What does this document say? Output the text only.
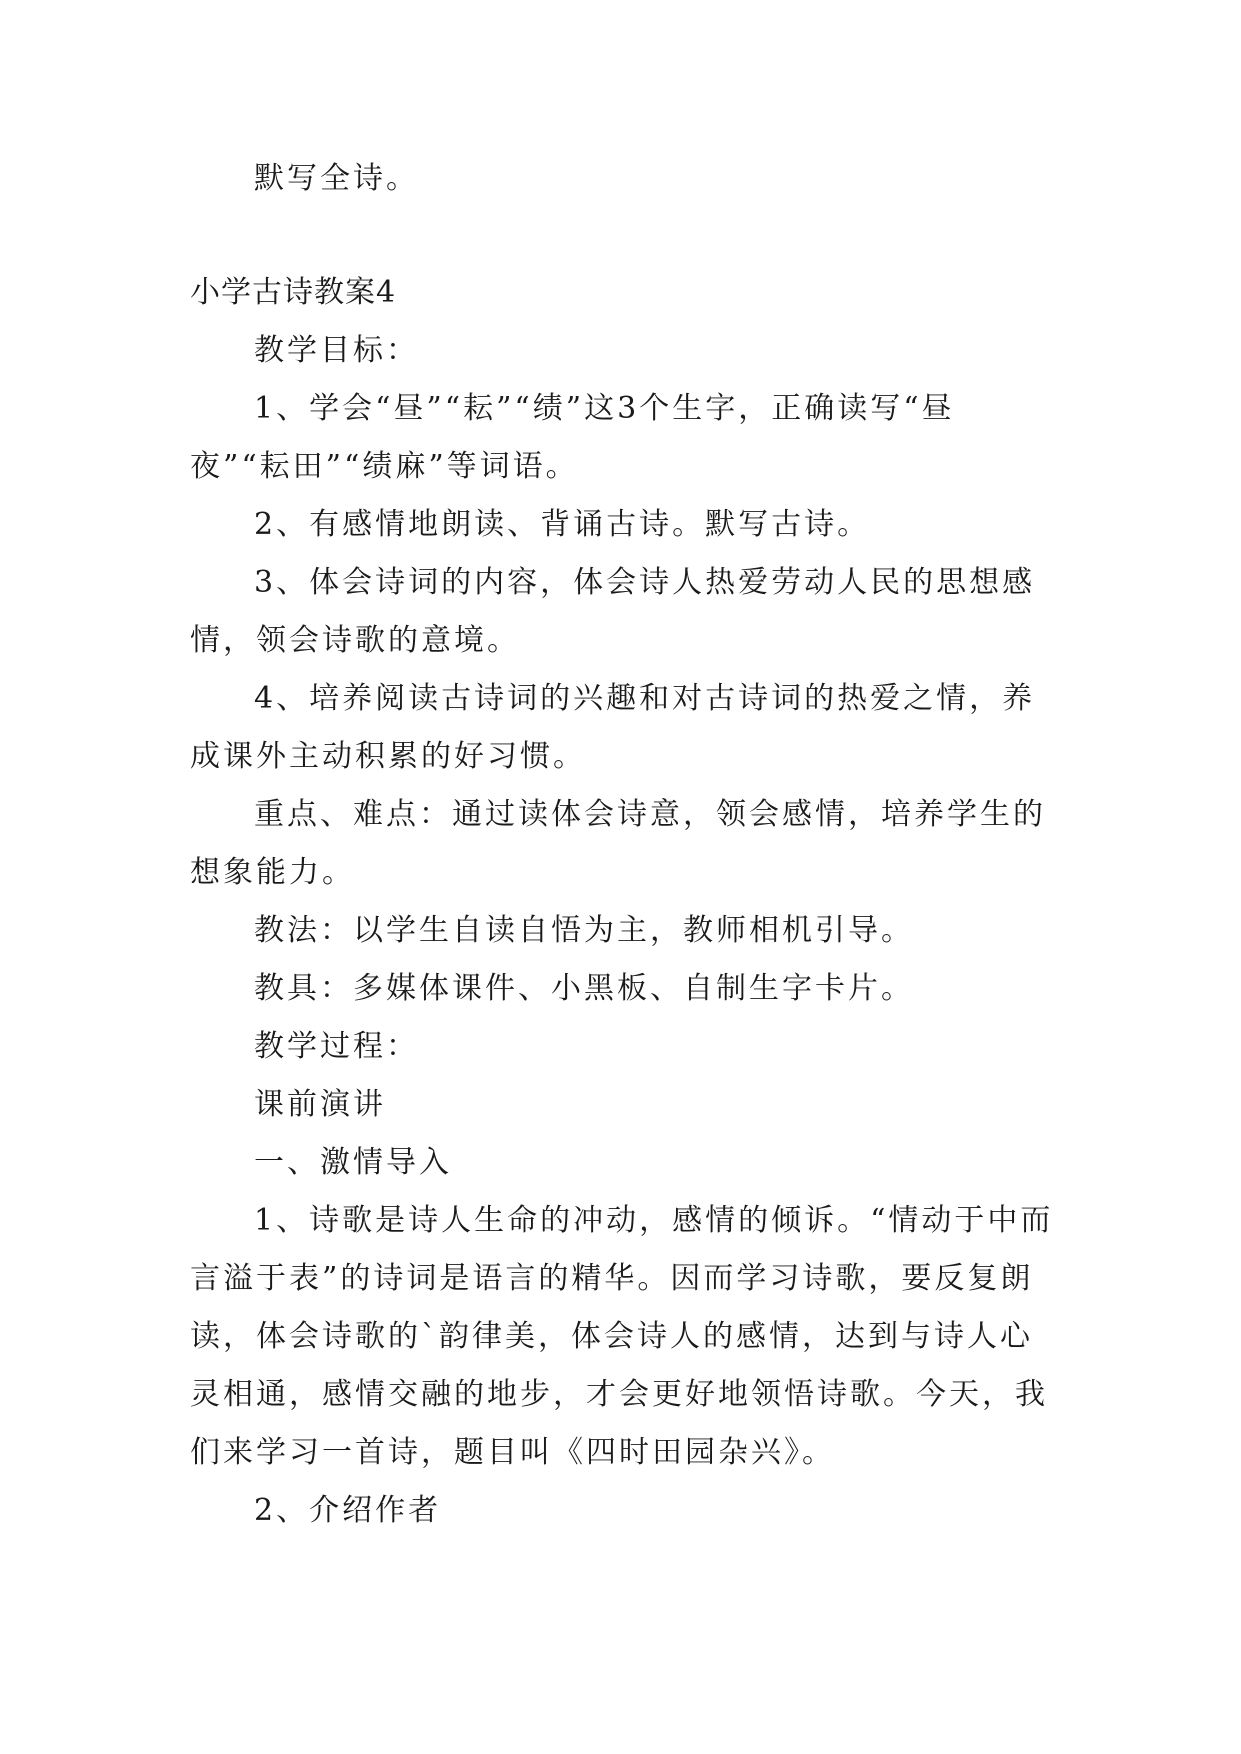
默写全诗。

小学古诗教案4

教学目标：

1、学会“昼”“耘”“绩”这3个生字，正确读写“昼

夜”“耘田”“绩麻”等词语。

2、有感情地朗读、背诵古诗。默写古诗。

3、体会诗词的内容，体会诗人热爱劳动人民的思想感

情，领会诗歌的意境。

4、培养阅读古诗词的兴趣和对古诗词的热爱之情，养

成课外主动积累的好习惯。

重点、难点：通过读体会诗意，领会感情，培养学生的

想象能力。

教法：以学生自读自悟为主，教师相机引导。

教具：多媒体课件、小黑板、自制生字卡片。

教学过程：

课前演讲

一、激情导入

1、诗歌是诗人生命的冲动，感情的倾诉。“情动于中而

言溢于表”的诗词是语言的精华。因而学习诗歌，要反复朗

读，体会诗歌的`韵律美，体会诗人的感情，达到与诗人心

灵相通，感情交融的地步，才会更好地领悟诗歌。今天，我

们来学习一首诗，题目叫《四时田园杂兴》。

2、介绍作者
